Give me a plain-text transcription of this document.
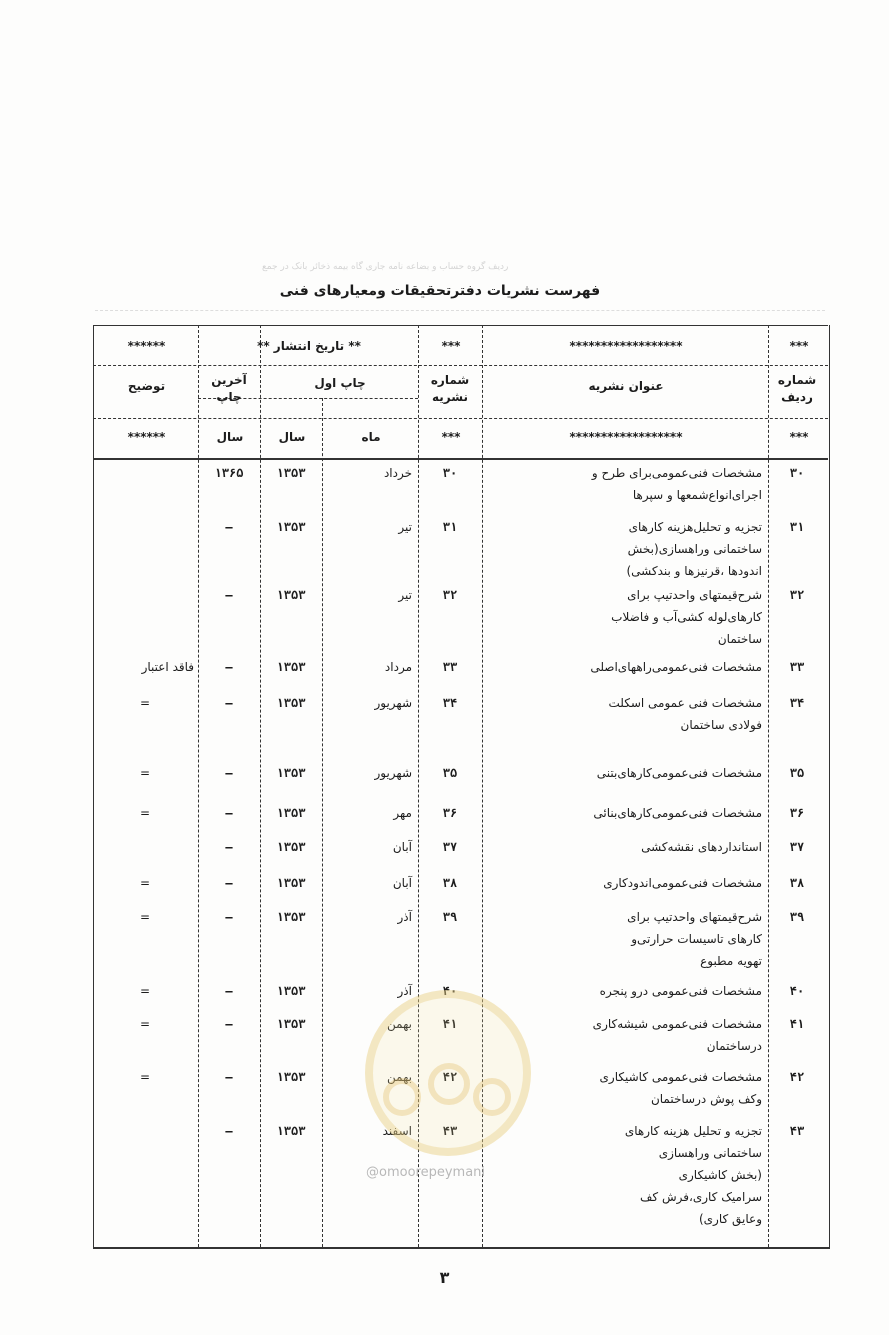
ردیف گروه حساب و بضاعه نامه جاری گاه بیمه ذخائر بانک در جمع
فهرست نشریات دفترتحقیقات ومعیارهای فنی
***
******************
***
** تاریخ انتشار **
******
شماره ردیف
عنوان نشریه
شماره نشریه
چاپ اول
آخرین چاپ
توضیح
***
******************
***
ماه
سال
سال
******
۳۰
مشخصات فنی‌عمومی‌برای طرح و
اجرای‌انواع‌شمعها و سپرها
۳۰
خرداد
۱۳۵۳
۱۳۶۵
۳۱
تجزیه و تحلیل‌هزینه کارهای
ساختمانی وراهسازی(بخش
اندودها ،قرنیزها و بندکشی)
۳۱
تیر
۱۳۵۳
—
۳۲
شرح‌قیمتهای واحدتیپ برای
کارهای‌لوله کشی‌آب و فاضلاب
ساختمان
۳۲
تیر
۱۳۵۳
—
۳۳
مشخصات فنی‌عمومی‌راههای‌اصلی
۳۳
مرداد
۱۳۵۳
—
فاقد اعتبار
۳۴
مشخصات فنی عمومی اسکلت
فولادی ساختمان
۳۴
شهریور
۱۳۵۳
—
=
۳۵
مشخصات فنی‌عمومی‌کارهای‌بتنی
۳۵
شهریور
۱۳۵۳
—
=
۳۶
مشخصات فنی‌عمومی‌کارهای‌بنائی
۳۶
مهر
۱۳۵۳
—
=
۳۷
استانداردهای نقشه‌کشی
۳۷
آبان
۱۳۵۳
—
۳۸
مشخصات فنی‌عمومی‌اندودکاری
۳۸
آبان
۱۳۵۳
—
=
۳۹
شرح‌قیمتهای واحدتیپ برای
کارهای تاسیسات حرارتی‌و
تهویه مطبوع
۳۹
آذر
۱۳۵۳
—
=
۴۰
مشخصات فنی‌عمومی درو پنجره
۴۰
آذر
۱۳۵۳
—
=
۴۱
مشخصات فنی‌عمومی شیشه‌کاری
درساختمان
۴۱
بهمن
۱۳۵۳
—
=
۴۲
مشخصات فنی‌عمومی کاشیکاری
وکف پوش درساختمان
۴۲
بهمن
۱۳۵۳
—
=
۴۳
تجزیه و تحلیل هزینه کارهای
ساختمانی وراهسازی
(بخش کاشیکاری
سرامیک کاری،فرش کف
وعایق کاری)
۴۳
اسفند
۱۳۵۳
—
@omoorepeymani
۳
